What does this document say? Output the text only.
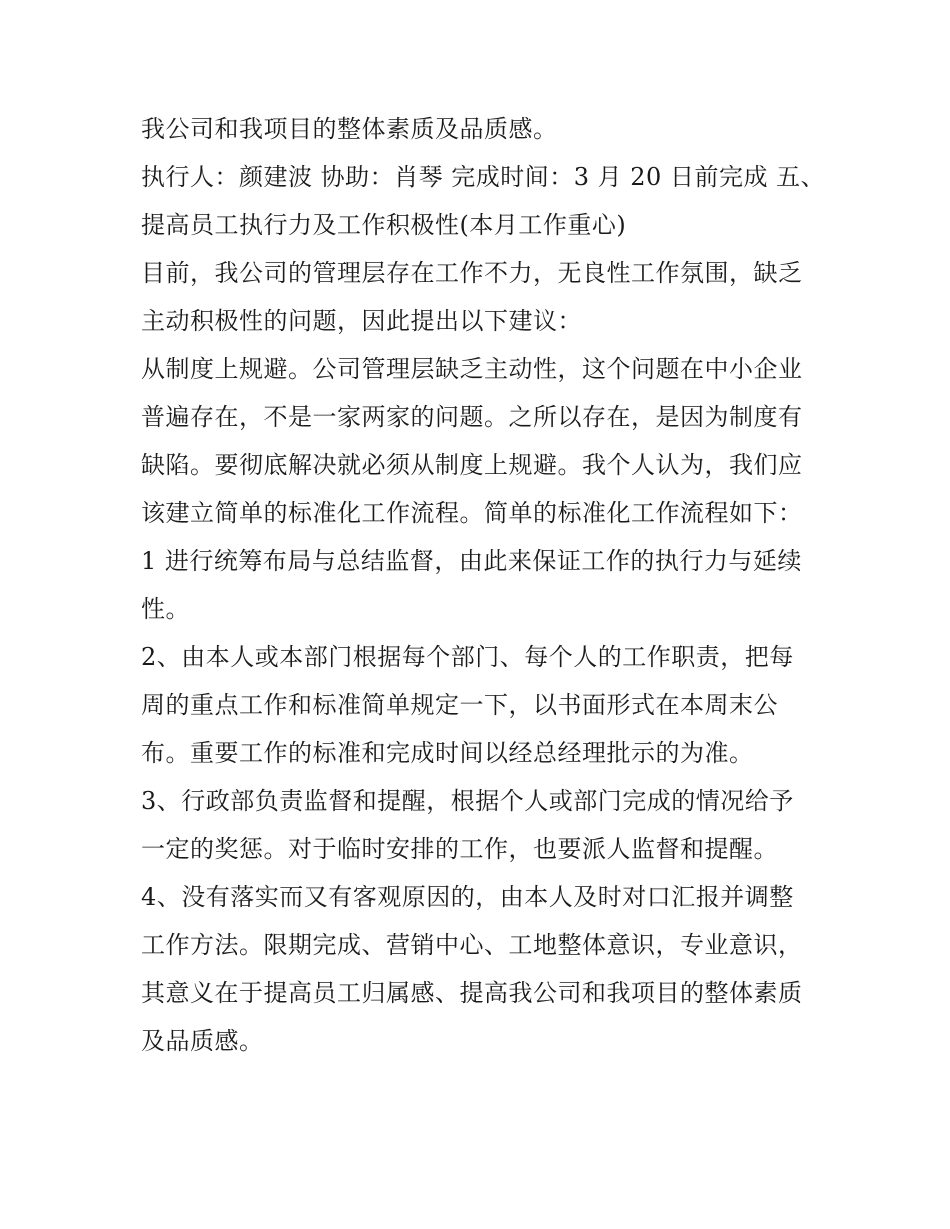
我公司和我项目的整体素质及品质感。
执行人：颜建波 协助：肖琴 完成时间：3 月 20 日前完成 五、
提高员工执行力及工作积极性(本月工作重心)
目前，我公司的管理层存在工作不力，无良性工作氛围，缺乏
主动积极性的问题，因此提出以下建议：
从制度上规避。公司管理层缺乏主动性，这个问题在中小企业
普遍存在，不是一家两家的问题。之所以存在，是因为制度有
缺陷。要彻底解决就必须从制度上规避。我个人认为，我们应
该建立简单的标准化工作流程。简单的标准化工作流程如下：
1 进行统筹布局与总结监督，由此来保证工作的执行力与延续
性。
2、由本人或本部门根据每个部门、每个人的工作职责，把每
周的重点工作和标准简单规定一下，以书面形式在本周末公
布。重要工作的标准和完成时间以经总经理批示的为准。
3、行政部负责监督和提醒，根据个人或部门完成的情况给予
一定的奖惩。对于临时安排的工作，也要派人监督和提醒。
4、没有落实而又有客观原因的，由本人及时对口汇报并调整
工作方法。限期完成、营销中心、工地整体意识，专业意识，
其意义在于提高员工归属感、提高我公司和我项目的整体素质
及品质感。
